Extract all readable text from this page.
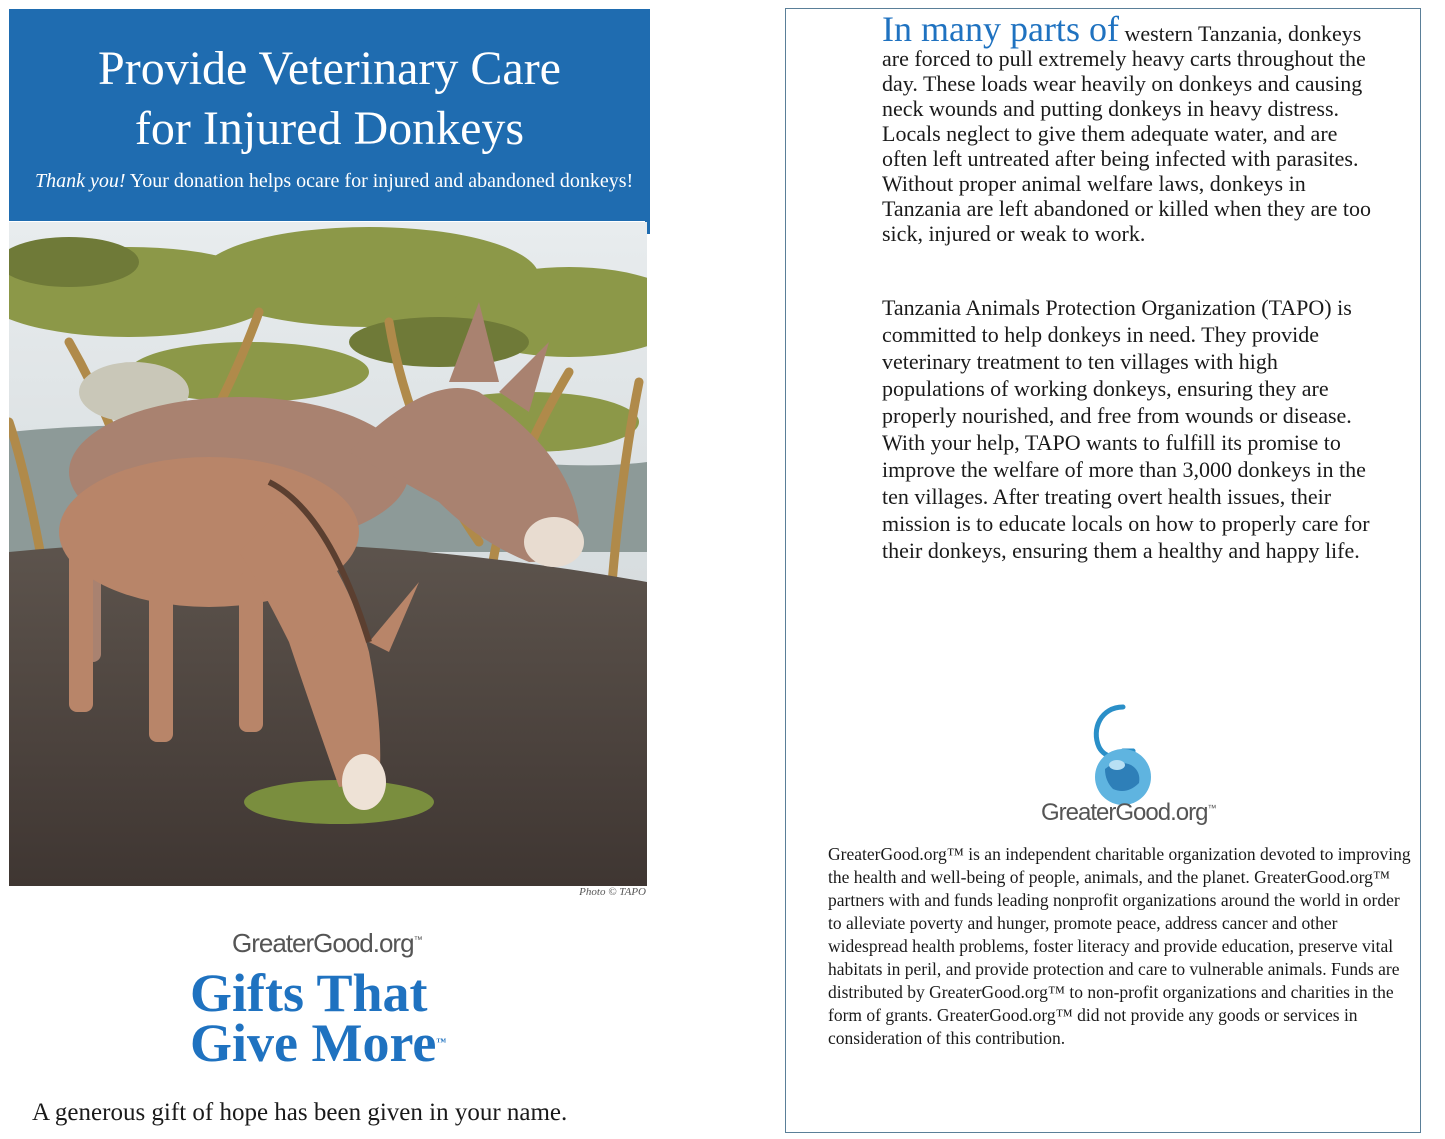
Provide Veterinary Care
for Injured Donkeys

Thank you! Your donation helps ocare for injured and abandoned donkeys!

Photo © TAPO
GreaterGood.org™
Gifts That
Give More™
A generous gift of hope has been given in your name.

In many parts of western Tanzania, donkeys are forced to pull extremely heavy carts throughout the day. These loads wear heavily on donkeys and causing neck wounds and putting donkeys in heavy distress. Locals neglect to give them adequate water, and are often left untreated after being infected with parasites. Without proper animal welfare laws, donkeys in Tanzania are left abandoned or killed when they are too sick, injured or weak to work.

Tanzania Animals Protection Organization (TAPO) is committed to help donkeys in need. They provide veterinary treatment to ten villages with high populations of working donkeys, ensuring they are properly nourished, and free from wounds or disease. With your help, TAPO wants to fulfill its promise to improve the welfare of more than 3,000 donkeys in the ten villages. After treating overt health issues, their mission is to educate locals on how to properly care for their donkeys, ensuring them a healthy and happy life.

GreaterGood.org™

GreaterGood.org™ is an independent charitable organization devoted to improving the health and well-being of people, animals, and the planet. GreaterGood.org™ partners with and funds leading nonprofit organizations around the world in order to alleviate poverty and hunger, promote peace, address cancer and other widespread health problems, foster literacy and provide education, preserve vital habitats in peril, and provide protection and care to vulnerable animals. Funds are distributed by GreaterGood.org™ to non-profit organizations and charities in the form of grants. GreaterGood.org™ did not provide any goods or services in consideration of this contribution.
